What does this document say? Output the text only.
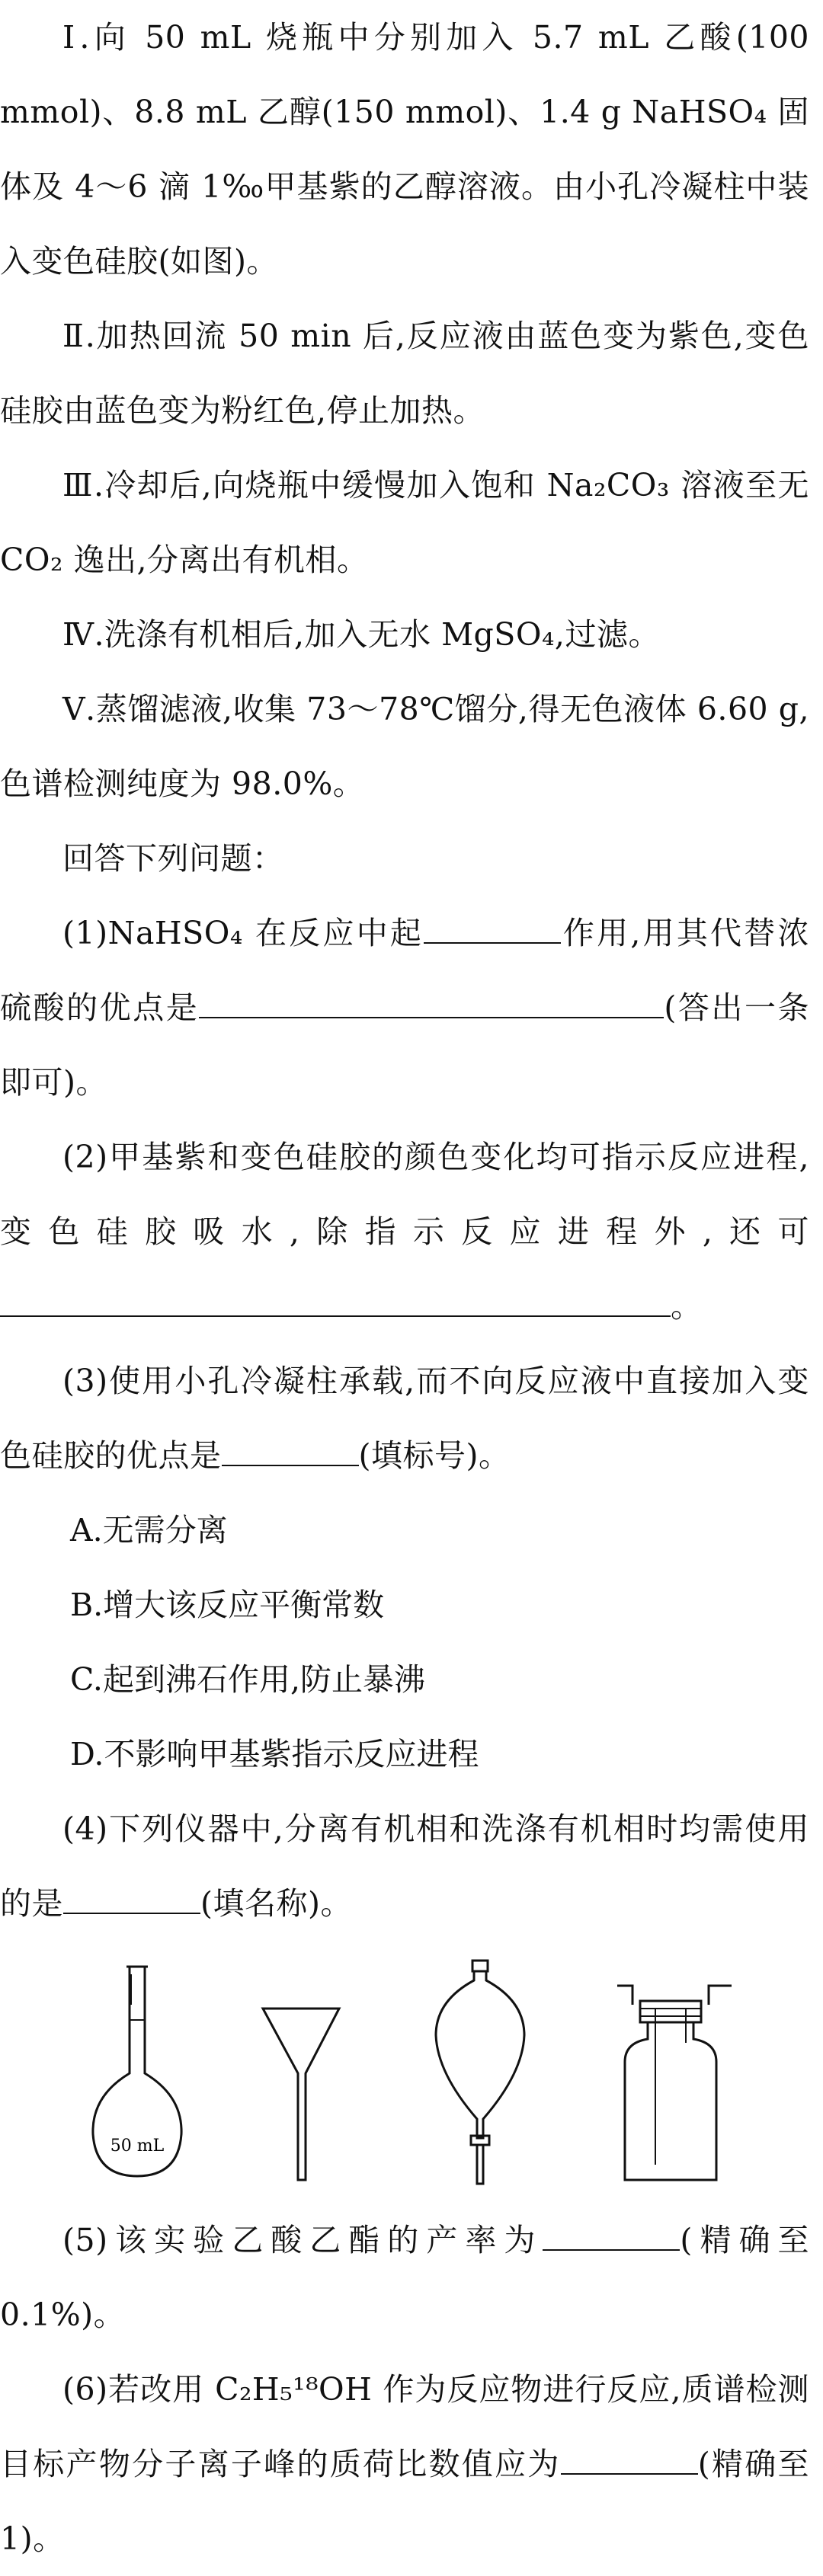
Ⅰ.向 50 mL 烧瓶中分别加入 5.7 mL 乙酸(100 mmol)、8.8 mL 乙醇(150 mmol)、1.4 g NaHSO₄ 固体及 4～6 滴 1‰甲基紫的乙醇溶液。由小孔冷凝柱中装入变色硅胶(如图)。

Ⅱ.加热回流 50 min 后,反应液由蓝色变为紫色,变色硅胶由蓝色变为粉红色,停止加热。

Ⅲ.冷却后,向烧瓶中缓慢加入饱和 Na₂CO₃ 溶液至无 CO₂ 逸出,分离出有机相。

Ⅳ.洗涤有机相后,加入无水 MgSO₄,过滤。

Ⅴ.蒸馏滤液,收集 73～78℃馏分,得无色液体 6.60 g,色谱检测纯度为 98.0%。

回答下列问题：

(1)NaHSO₄ 在反应中起	作用,用其代替浓硫酸的优点是	(答出一条即可)。

(2)甲基紫和变色硅胶的颜色变化均可指示反应进程,变色硅胶吸水,除指示反应进程外,还可。

(3)使用小孔冷凝柱承载,而不向反应液中直接加入变色硅胶的优点是	(填标号)。

A.无需分离

B.增大该反应平衡常数

C.起到沸石作用,防止暴沸

D.不影响甲基紫指示反应进程

(4)下列仪器中,分离有机相和洗涤有机相时均需使用的是	(填名称)。

50 mL

(5)该实验乙酸乙酯的产率为	(精确至 0.1%)。

(6)若改用 C₂H₅¹⁸OH 作为反应物进行反应,质谱检测目标产物分子离子峰的质荷比数值应为	(精确至 1)。
